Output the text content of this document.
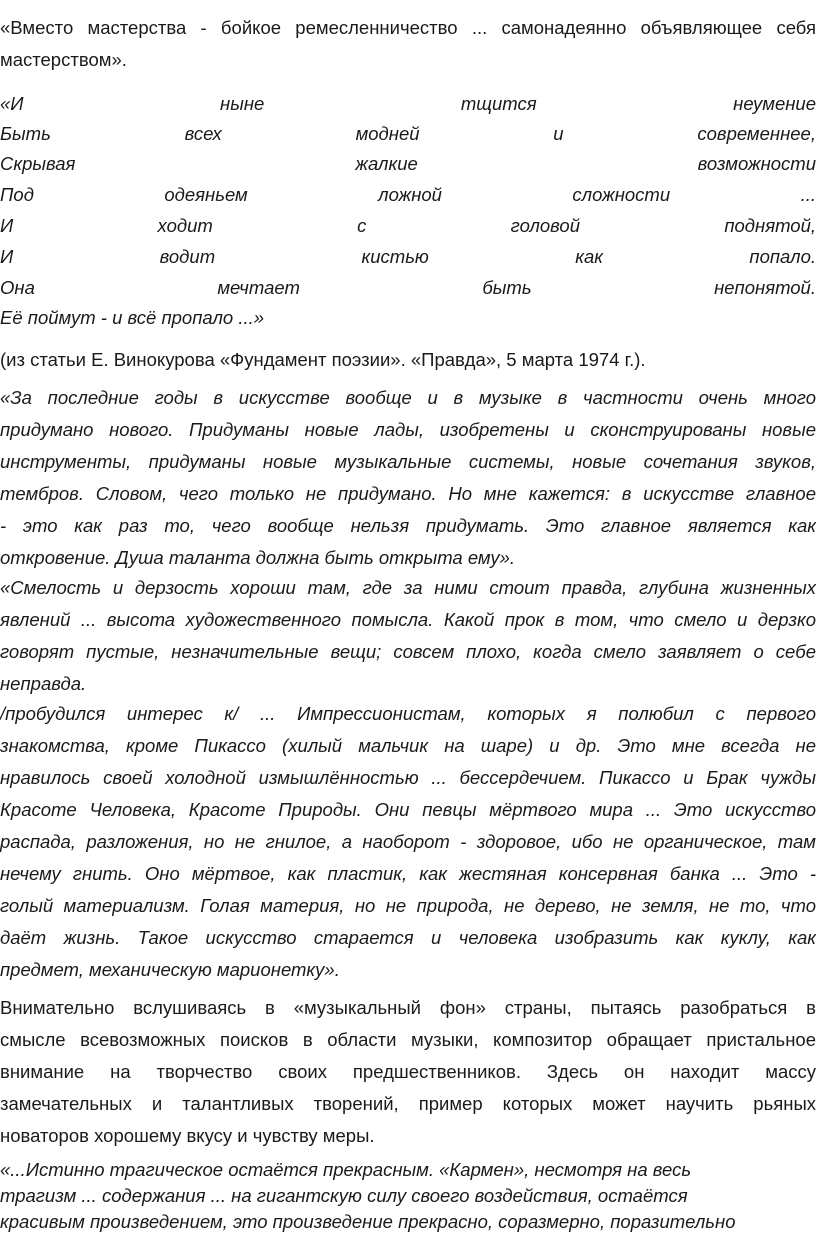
«Вместо мастерства - бойкое ремесленничество ... самонадеянно объявляющее себя
мастерством».
«И ныне тщится неумение
Быть всех модней и современнее,
Скрывая жалкие возможности
Под одеяньем ложной сложности ...
И ходит с головой поднятой,
И водит кистью как попало.
Она мечтает быть непонятой.
Её поймут - и всё пропало ...»
(из статьи Е. Винокурова «Фундамент поэзии». «Правда», 5 марта 1974 г.).
«За последние годы в искусстве вообще и в музыке в частности очень много
придумано нового. Придуманы новые лады, изобретены и сконструированы новые
инструменты, придуманы новые музыкальные системы, новые сочетания звуков,
тембров. Словом, чего только не придумано. Но мне кажется: в искусстве главное
- это как раз то, чего вообще нельзя придумать. Это главное является как
откровение. Душа таланта должна быть открыта ему».
«Смелость и дерзость хороши там, где за ними стоит правда, глубина жизненных
явлений ... высота художественного помысла. Какой прок в том, что смело и дерзко
говорят пустые, незначительные вещи; совсем плохо, когда смело заявляет о себе
неправда.
/пробудился интерес к/ ... Импрессионистам, которых я полюбил с первого
знакомства, кроме Пикассо (хилый мальчик на шаре) и др. Это мне всегда не
нравилось своей холодной измышлённостью ... бессердечием. Пикассо и Брак чужды
Красоте Человека, Красоте Природы. Они певцы мёртвого мира ... Это искусство
распада, разложения, но не гнилое, а наоборот - здоровое, ибо не органическое, там
нечему гнить. Оно мёртвое, как пластик, как жестяная консервная банка ... Это -
голый материализм. Голая материя, но не природа, не дерево, не земля, не то, что
даёт жизнь. Такое искусство старается и человека изобразить как куклу, как
предмет, механическую марионетку».
Внимательно вслушиваясь в «музыкальный фон» страны, пытаясь разобраться в
смысле всевозможных поисков в области музыки, композитор обращает пристальное
внимание на творчество своих предшественников. Здесь он находит массу
замечательных и талантливых творений, пример которых может научить рьяных
новаторов хорошему вкусу и чувству меры.
«...Истинно трагическое остаётся прекрасным. «Кармен», несмотря на весь
трагизм ... содержания ... на гигантскую силу своего воздействия, остаётся
красивым произведением, это произведение прекрасно, соразмерно, поразительно
